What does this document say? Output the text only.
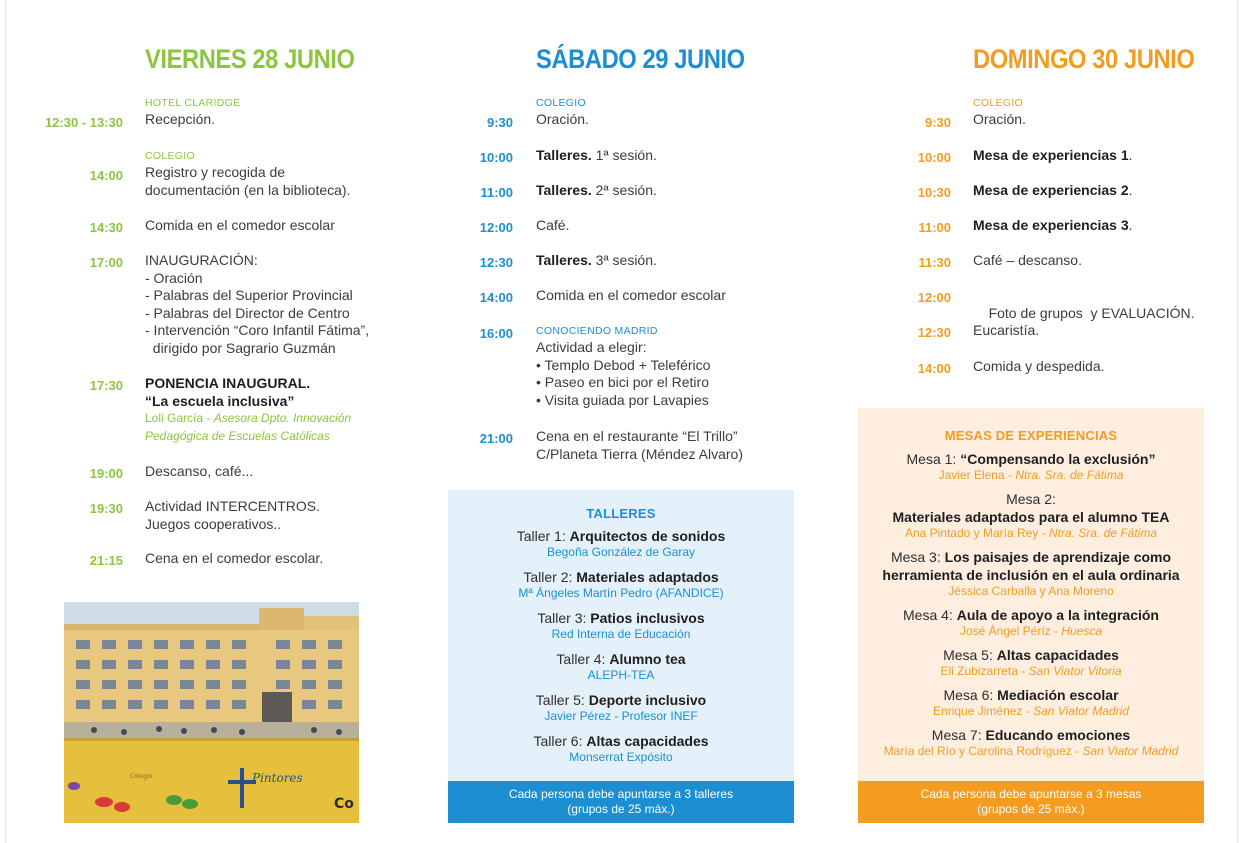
VIERNES 28 JUNIO
12:30 - 13:30
HOTEL CLARIDGE
Recepción.
14:00
COLEGIO
Registro y recogida de
documentación (en la biblioteca).
14:30 Comida en el comedor escolar
17:00 INAUGURACIÓN:
- Oración
- Palabras del Superior Provincial
- Palabras del Director de Centro
- Intervención “Coro Infantil Fátima”,
dirigido por Sagrario Guzmán
17:30 PONENCIA INAUGURAL.
“La escuela inclusiva”
Loli García - Asesora Dpto. Innovación
Pedagógica de Escuelas Católicas
19:00 Descanso, café...
19:30 Actividad INTERCENTROS.
Juegos cooperativos..
21:15 Cena en el comedor escolar.
Pintores
Co
Colegio
SÁBADO 29 JUNIO
9:30
COLEGIO
Oración.
10:00 Talleres. 1ª sesión.
11:00 Talleres. 2ª sesión.
12:00 Café.
12:30 Talleres. 3ª sesión.
14:00 Comida en el comedor escolar
16:00 CONOCIENDO MADRID
Actividad a elegir:
• Templo Debod + Teleférico
• Paseo en bici por el Retiro
• Visita guiada por Lavapies
21:00 Cena en el restaurante “El Trillo”
C/Planeta Tierra (Méndez Alvaro)
TALLERES
Taller 1: Arquitectos de sonidos
Begoña González de Garay
Taller 2: Materiales adaptados
Mª Ángeles Martín Pedro (AFANDICE)
Taller 3: Patios inclusivos
Red Interna de Educación
Taller 4: Alumno tea
ALEPH-TEA
Taller 5: Deporte inclusivo
Javier Pérez - Profesor INEF
Taller 6: Altas capacidades
Monserrat Expósito
Cada persona debe apuntarse a 3 talleres
(grupos de 25 máx.)
DOMINGO 30 JUNIO
9:30
COLEGIO
Oración.
10:00 Mesa de experiencias 1.
10:30 Mesa de experiencias 2.
11:00 Mesa de experiencias 3.
11:30 Café – descanso.
12:00

Foto de grupos  y EVALUACIÓN.

12:30 Eucaristía.
14:00 Comida y despedida.
MESAS DE EXPERIENCIAS
Mesa 1: “Compensando la exclusión”
Javier Elena - Ntra. Sra. de Fátima
Mesa 2:
Materiales adaptados para el alumno TEA
Ana Pintado y María Rey - Ntra. Sra. de Fátima
Mesa 3: Los paisajes de aprendizaje como
herramienta de inclusión en el aula ordinaria
Jéssica Carballa y Ana Moreno
Mesa 4: Aula de apoyo a la integración
José Ángel Péríz - Huesca
Mesa 5: Altas capacidades
Eli Zubizarreta - San Viator Vitoria
Mesa 6: Mediación escolar
Enrique Jiménez - San Viator Madrid
Mesa 7: Educando emociones
María del Río y Carolina Rodríguez - San Viator Madrid
Cada persona debe apuntarse a 3 mesas
(grupos de 25 máx.)
